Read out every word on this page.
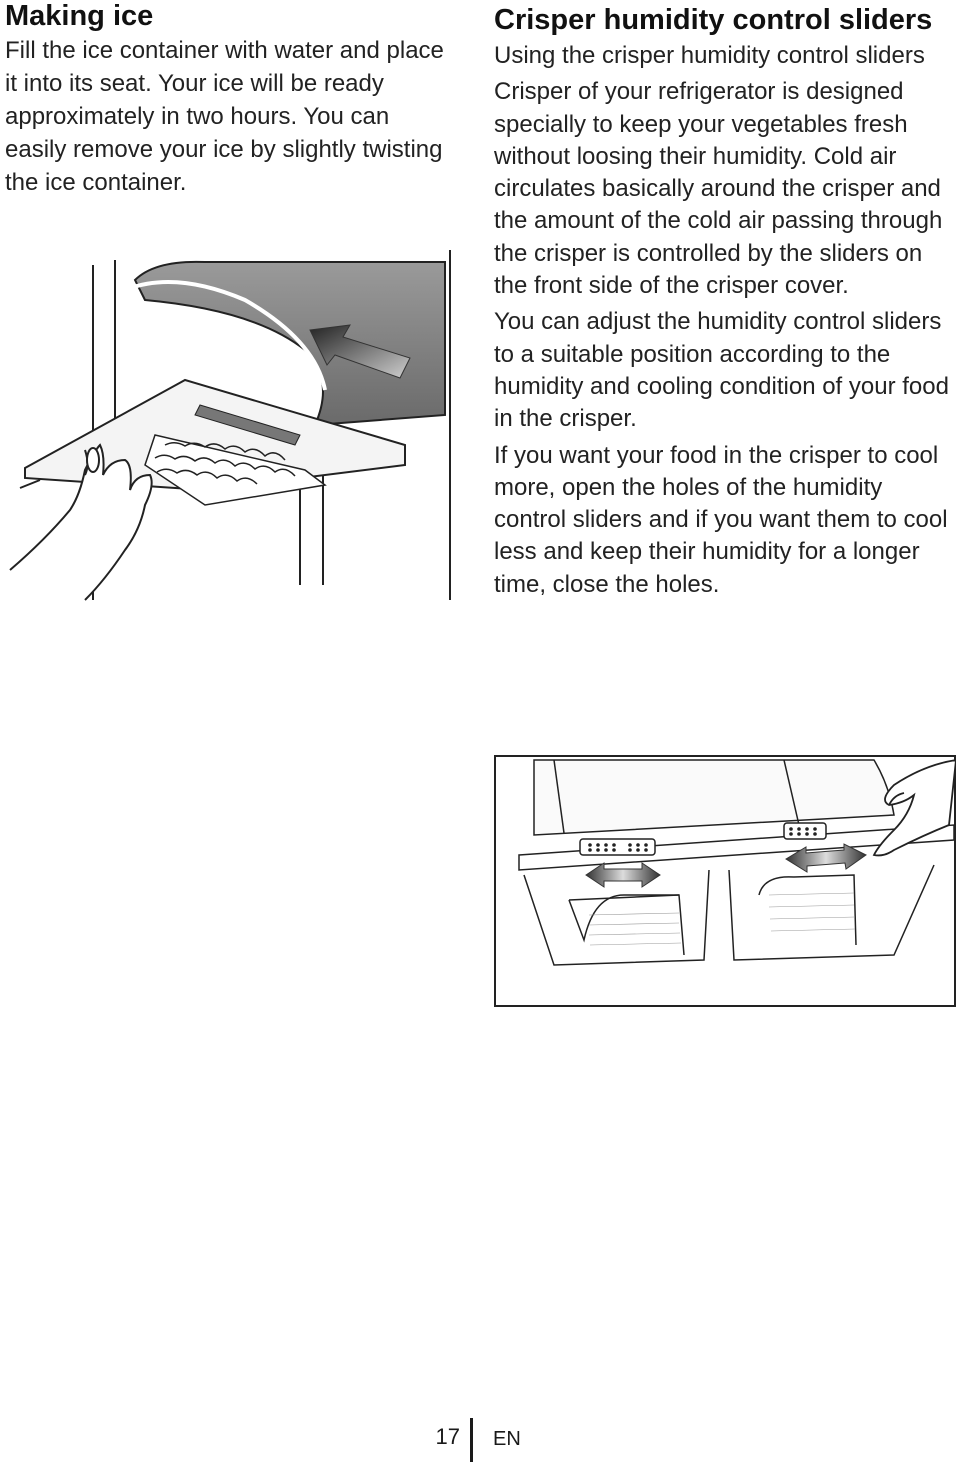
Making ice

Fill the ice container with water and place it into its seat. Your ice will be ready approximately in two hours. You can easily remove your ice by slightly twisting the ice container.

Crisper humidity control sliders

Using the crisper humidity control sliders

Crisper of your refrigerator is designed specially to keep your vegetables fresh without loosing their humidity. Cold air circulates basically around the crisper and the amount of the cold air passing through the crisper is controlled by the sliders on the front side of the crisper cover.

You can adjust the humidity control sliders to a suitable position according to the humidity and cooling condition of your food in the crisper.

If you want your food in the crisper to cool more, open the holes of the humidity control sliders and if you want them to cool less and keep their humidity for a longer time, close the holes.

17 EN
